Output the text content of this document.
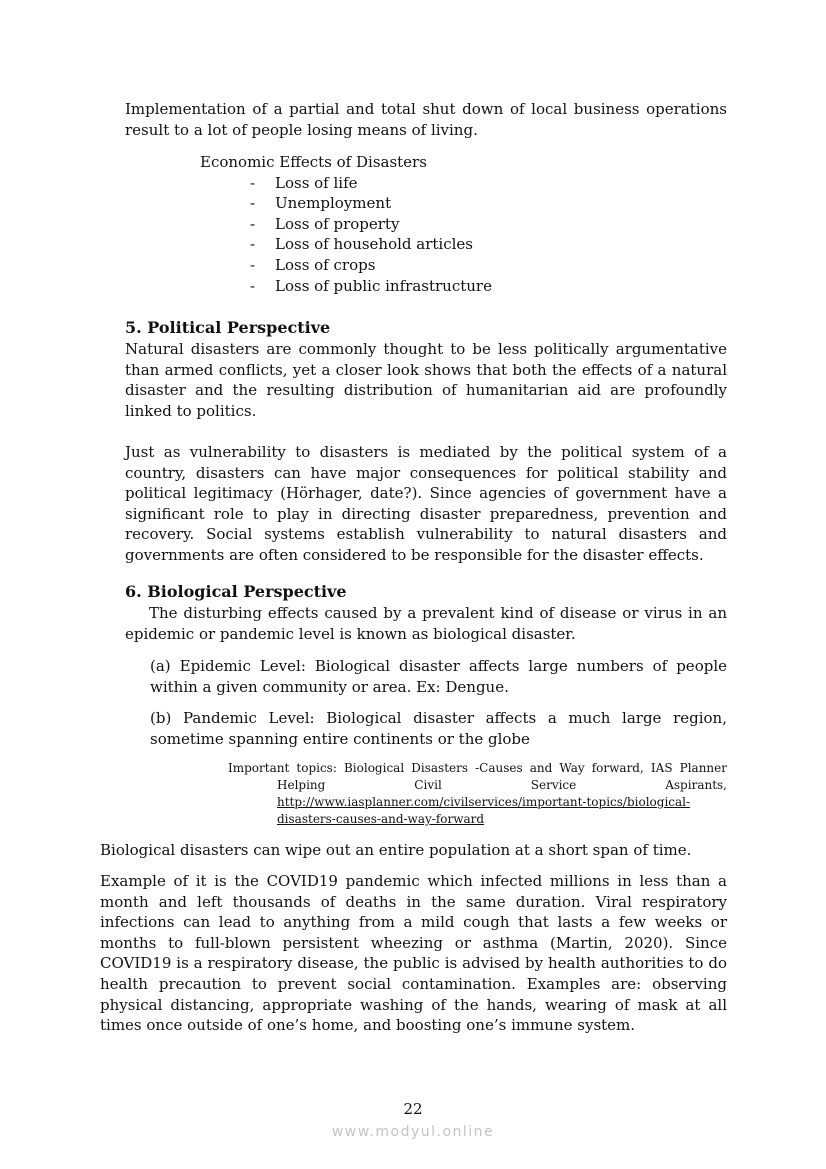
Implementation of a partial and total shut down of local business operations result to a lot of people losing means of living.

Economic Effects of Disasters
- Loss of life
- Unemployment
- Loss of property
- Loss of household articles
- Loss of crops
- Loss of public infrastructure
5. Political Perspective

Natural disasters are commonly thought to be less politically argumentative than armed conflicts, yet a closer look shows that both the effects of a natural disaster and the resulting distribution of humanitarian aid are profoundly linked to politics.

Just as vulnerability to disasters is mediated by the political system of a country, disasters can have major consequences for political stability and political legitimacy (Hörhager, date?). Since agencies of government have a significant role to play in directing disaster preparedness, prevention and recovery. Social systems establish vulnerability to natural disasters and governments are often considered to be responsible for the disaster effects.

6. Biological Perspective

The disturbing effects caused by a prevalent kind of disease or virus in an epidemic or pandemic level is known as biological disaster.

(a) Epidemic Level: Biological disaster affects large numbers of people within a given community or area. Ex: Dengue.

(b) Pandemic Level: Biological disaster affects a much large region, sometime spanning entire continents or the globe

Important topics: Biological Disasters -Causes and Way forward, IAS Planner
Helping Civil Service Aspirants,
http://www.iasplanner.com/civilservices/important-topics/biological-disasters-causes-and-way-forward

Biological disasters can wipe out an entire population at a short span of time.

Example of it is the COVID19 pandemic which infected millions in less than a month and left thousands of deaths in the same duration. Viral respiratory infections can lead to anything from a mild cough that lasts a few weeks or months to full-blown persistent wheezing or asthma (Martin, 2020). Since COVID19 is a respiratory disease, the public is advised by health authorities to do health precaution to prevent social contamination. Examples are: observing physical distancing, appropriate washing of the hands, wearing of mask at all times once outside of one’s home, and boosting one’s immune system.

22
www.modyul.online
